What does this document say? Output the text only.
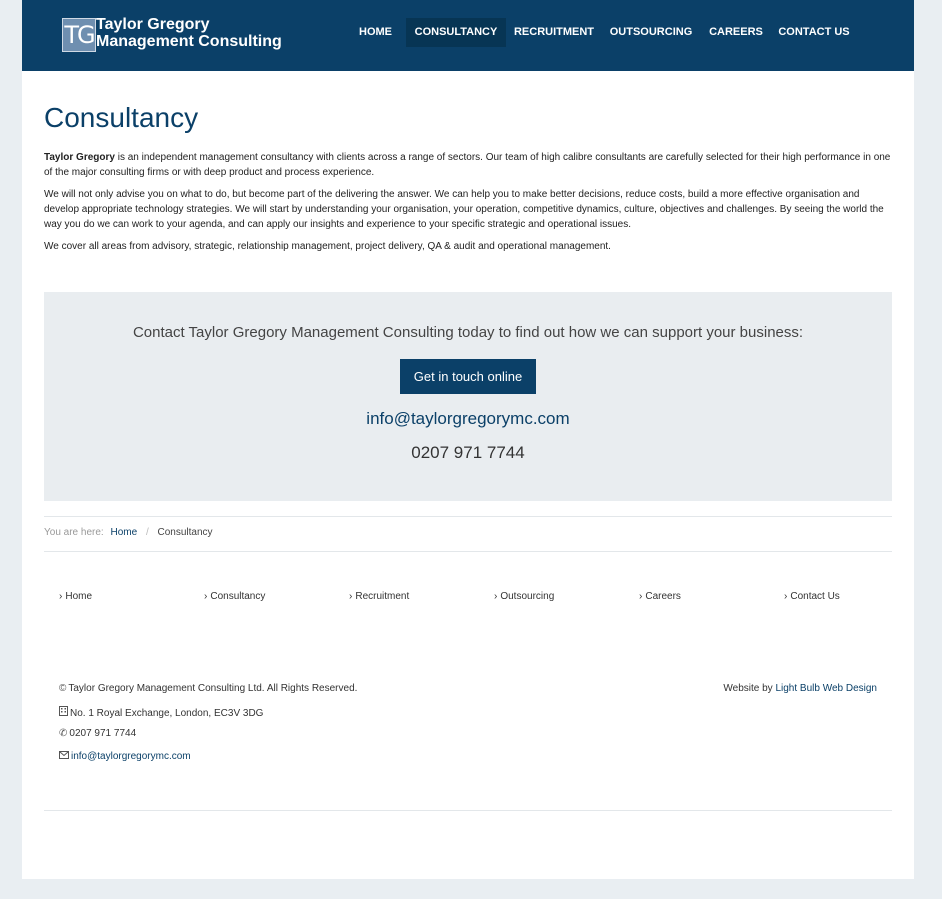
TG Taylor Gregory
Management Consulting
HOME	CONSULTANCY	RECRUITMENT OUTSOURCING CAREERS	CONTACT US
Consultancy

Taylor Gregory is an independent management consultancy with clients across a range of sectors. Our team of high calibre consultants are carefully selected for their high performance in one of the major consulting firms or with deep product and process experience.

We will not only advise you on what to do, but become part of the delivering the answer. We can help you to make better decisions, reduce costs, build a more effective organisation and develop appropriate technology strategies. We will start by understanding your organisation, your operation, competitive dynamics, culture, objectives and challenges. By seeing the world the way you do we can work to your agenda, and can apply our insights and experience to your specific strategic and operational issues.

We cover all areas from advisory, strategic, relationship management, project delivery, QA & audit and operational management.

Contact Taylor Gregory Management Consulting today to find out how we can support your business:
Get in touch online
info@taylorgregorymc.com
0207 971 7744
You are here: Home / Consultancy
› Home	› Consultancy	› Recruitment	› Outsourcing	› Careers	› Contact Us
© Taylor Gregory Management Consulting Ltd. All Rights Reserved.
No. 1 Royal Exchange, London, EC3V 3DG
✆ 0207 971 7744
info@taylorgregorymc.com
Website by Light Bulb Web Design
